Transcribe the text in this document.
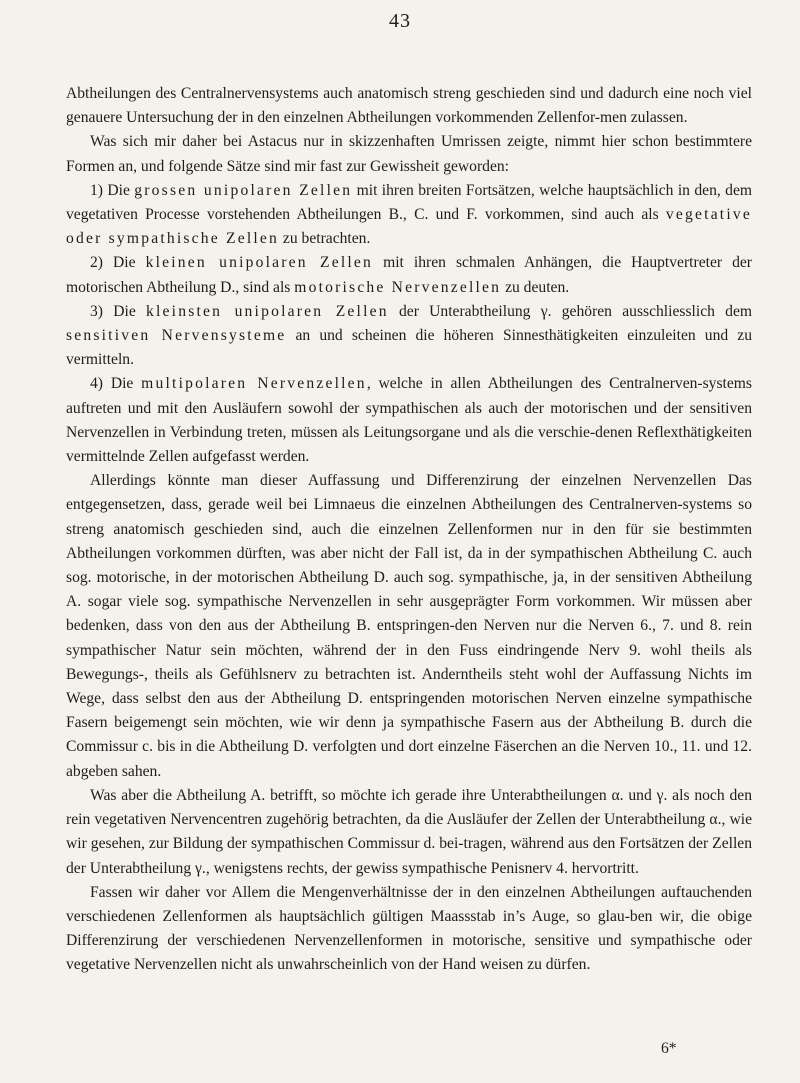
43

Abtheilungen des Centralnervensystems auch anatomisch streng geschieden sind und dadurch eine noch viel genauere Untersuchung der in den einzelnen Abtheilungen vorkommenden Zellenfor-men zulassen.

Was sich mir daher bei Astacus nur in skizzenhaften Umrissen zeigte, nimmt hier schon bestimmtere Formen an, und folgende Sätze sind mir fast zur Gewissheit geworden:

1) Die grossen unipolaren Zellen mit ihren breiten Fortsätzen, welche hauptsächlich in den, dem vegetativen Processe vorstehenden Abtheilungen B., C. und F. vorkommen, sind auch als vegetative oder sympathische Zellen zu betrachten.

2) Die kleinen unipolaren Zellen mit ihren schmalen Anhängen, die Hauptvertreter der motorischen Abtheilung D., sind als motorische Nervenzellen zu deuten.

3) Die kleinsten unipolaren Zellen der Unterabtheilung γ. gehören ausschliesslich dem sensitiven Nervensysteme an und scheinen die höheren Sinnesthätigkeiten einzuleiten und zu vermitteln.

4) Die multipolaren Nervenzellen, welche in allen Abtheilungen des Centralnerven-systems auftreten und mit den Ausläufern sowohl der sympathischen als auch der motorischen und der sensitiven Nervenzellen in Verbindung treten, müssen als Leitungsorgane und als die verschie-denen Reflexthätigkeiten vermittelnde Zellen aufgefasst werden.

Allerdings könnte man dieser Auffassung und Differenzirung der einzelnen Nervenzellen Das entgegensetzen, dass, gerade weil bei Limnaeus die einzelnen Abtheilungen des Centralnerven-systems so streng anatomisch geschieden sind, auch die einzelnen Zellenformen nur in den für sie bestimmten Abtheilungen vorkommen dürften, was aber nicht der Fall ist, da in der sympathischen Abtheilung C. auch sog. motorische, in der motorischen Abtheilung D. auch sog. sympathische, ja, in der sensitiven Abtheilung A. sogar viele sog. sympathische Nervenzellen in sehr ausgeprägter Form vorkommen. Wir müssen aber bedenken, dass von den aus der Abtheilung B. entspringen-den Nerven nur die Nerven 6., 7. und 8. rein sympathischer Natur sein möchten, während der in den Fuss eindringende Nerv 9. wohl theils als Bewegungs-, theils als Gefühlsnerv zu betrachten ist. Anderntheils steht wohl der Auffassung Nichts im Wege, dass selbst den aus der Abtheilung D. entspringenden motorischen Nerven einzelne sympathische Fasern beigemengt sein möchten, wie wir denn ja sympathische Fasern aus der Abtheilung B. durch die Commissur c. bis in die Abtheilung D. verfolgten und dort einzelne Fäserchen an die Nerven 10., 11. und 12. abgeben sahen.

Was aber die Abtheilung A. betrifft, so möchte ich gerade ihre Unterabtheilungen α. und γ. als noch den rein vegetativen Nervencentren zugehörig betrachten, da die Ausläufer der Zellen der Unterabtheilung α., wie wir gesehen, zur Bildung der sympathischen Commissur d. bei-tragen, während aus den Fortsätzen der Zellen der Unterabtheilung γ., wenigstens rechts, der gewiss sympathische Penisnerv 4. hervortritt.

Fassen wir daher vor Allem die Mengenverhältnisse der in den einzelnen Abtheilungen auftauchenden verschiedenen Zellenformen als hauptsächlich gültigen Maassstab in’s Auge, so glau-ben wir, die obige Differenzirung der verschiedenen Nervenzellenformen in motorische, sensitive und sympathische oder vegetative Nervenzellen nicht als unwahrscheinlich von der Hand weisen zu dürfen.

6*
